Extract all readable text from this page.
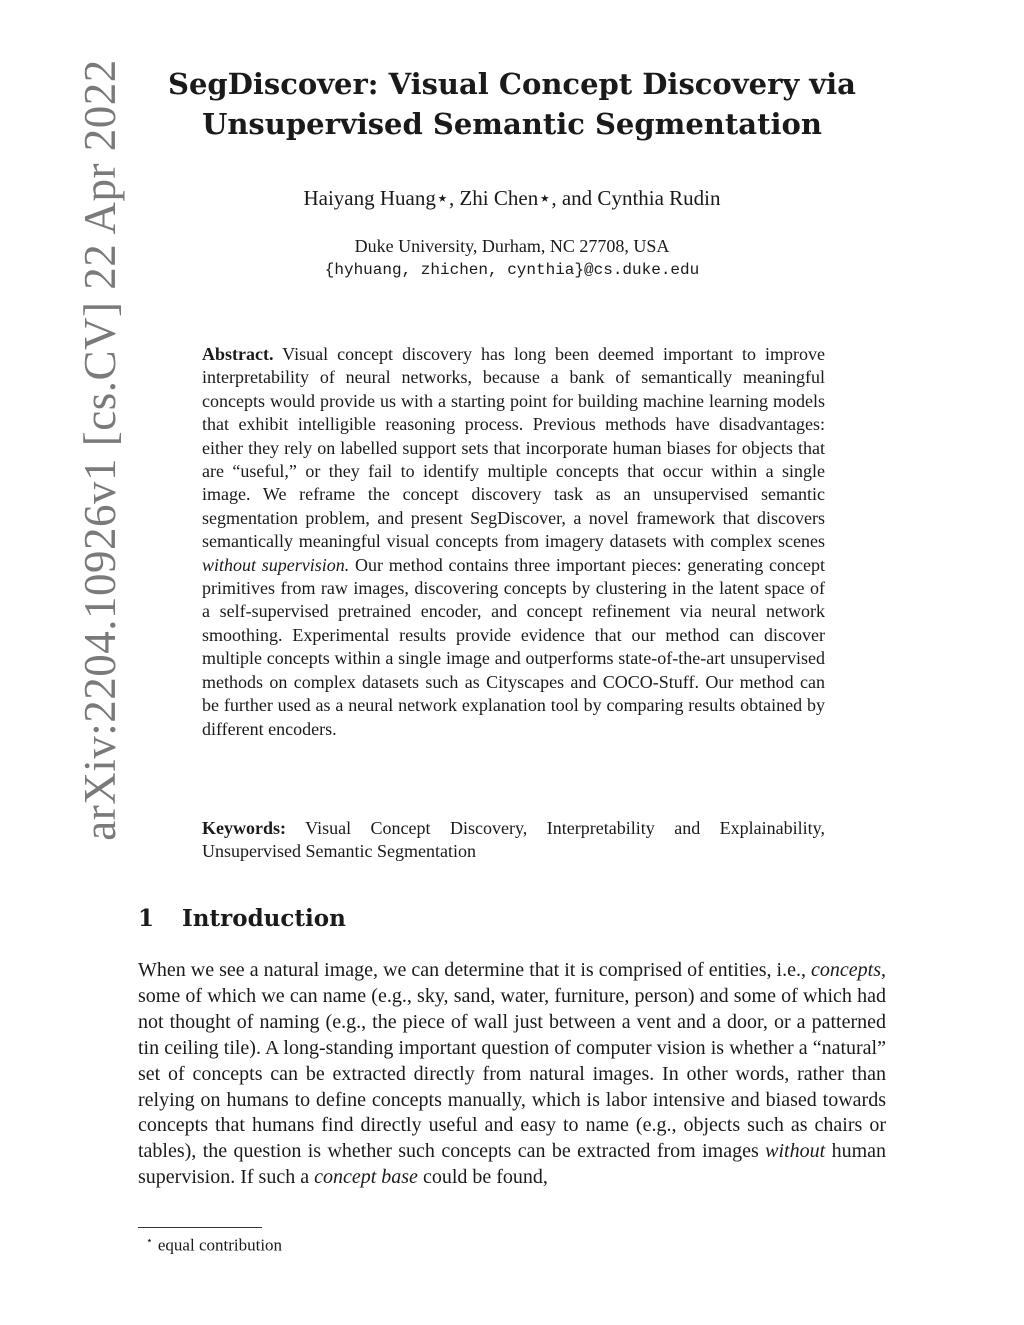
arXiv:2204.10926v1 [cs.CV] 22 Apr 2022	SegDiscover: Visual Concept Discovery via
Unsupervised Semantic Segmentation
Haiyang Huang⋆, Zhi Chen⋆, and Cynthia Rudin
Duke University, Durham, NC 27708, USA
{hyhuang, zhichen, cynthia}@cs.duke.edu
Abstract. Visual concept discovery has long been deemed important to improve interpretability of neural networks, because a bank of semantically meaningful concepts would provide us with a starting point for building machine learning models that exhibit intelligible reasoning process. Previous methods have disadvantages: either they rely on labelled support sets that incorporate human biases for objects that are “useful,” or they fail to identify multiple concepts that occur within a single image. We reframe the concept discovery task as an unsupervised semantic segmentation problem, and present SegDiscover, a novel framework that discovers semantically meaningful visual concepts from imagery datasets with complex scenes without supervision. Our method contains three important pieces: generating concept primitives from raw images, discovering concepts by clustering in the latent space of a self-supervised pretrained encoder, and concept refinement via neural network smoothing. Experimental results provide evidence that our method can discover multiple concepts within a single image and outperforms state-of-the-art unsupervised methods on complex datasets such as Cityscapes and COCO-Stuff. Our method can be further used as a neural network explanation tool by comparing results obtained by different encoders.
Keywords: Visual Concept Discovery, Interpretability and Explainability, Unsupervised Semantic Segmentation
1 Introduction
When we see a natural image, we can determine that it is comprised of entities, i.e., concepts, some of which we can name (e.g., sky, sand, water, furniture, person) and some of which had not thought of naming (e.g., the piece of wall just between a vent and a door, or a patterned tin ceiling tile). A long-standing important question of computer vision is whether a “natural” set of concepts can be extracted directly from natural images. In other words, rather than relying on humans to define concepts manually, which is labor intensive and biased towards concepts that humans find directly useful and easy to name (e.g., objects such as chairs or tables), the question is whether such concepts can be extracted from images without human supervision. If such a concept base could be found,
⋆ equal contribution
